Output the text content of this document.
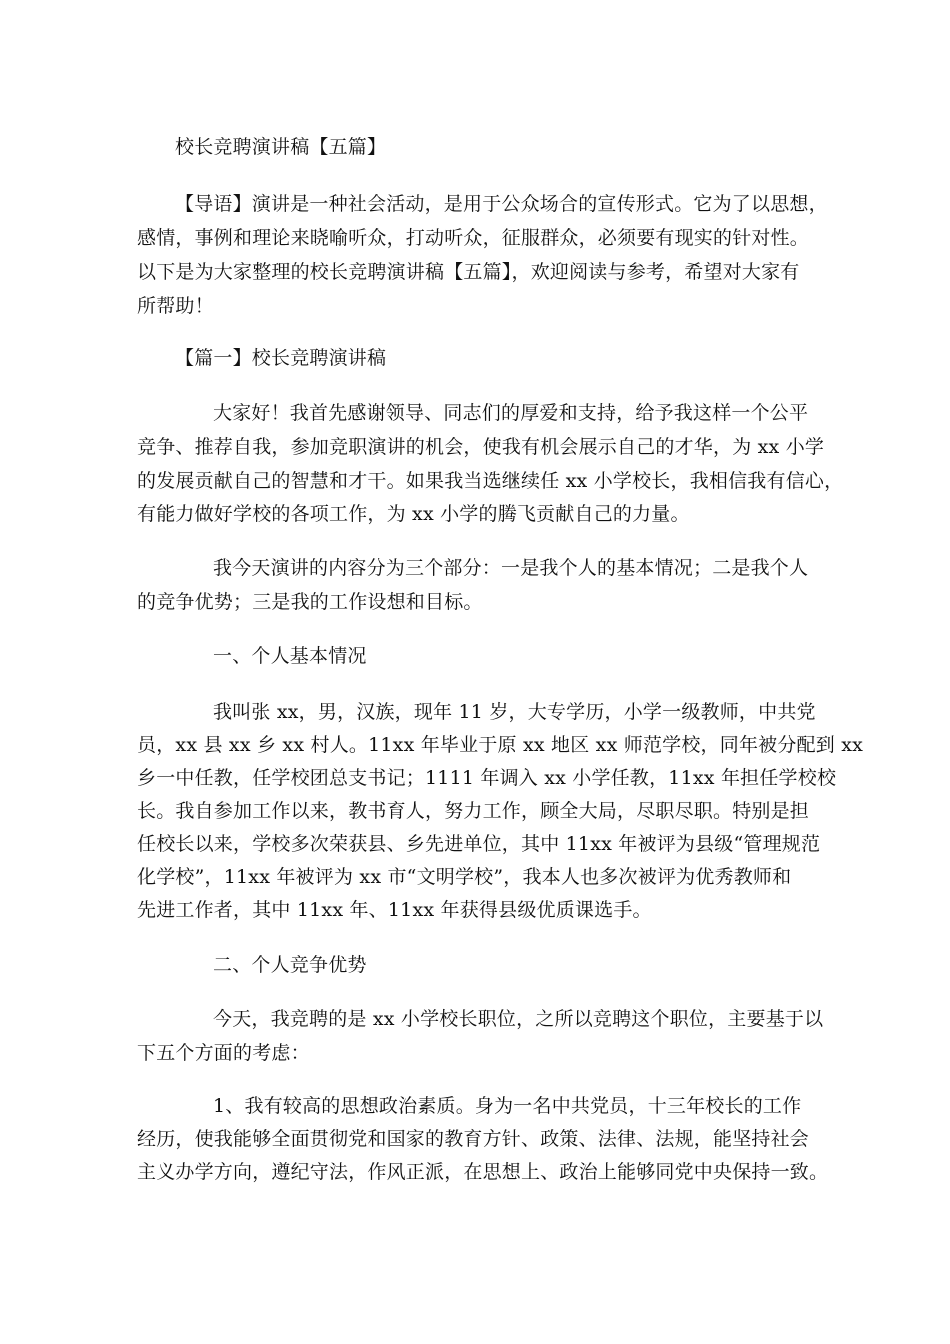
校长竞聘演讲稿【五篇】
【导语】演讲是一种社会活动，是用于公众场合的宣传形式。它为了以思想，
感情，事例和理论来晓喻听众，打动听众，征服群众，必须要有现实的针对性。
以下是为大家整理的校长竞聘演讲稿【五篇】，欢迎阅读与参考，希望对大家有
所帮助！
【篇一】校长竞聘演讲稿
大家好！我首先感谢领导、同志们的厚爱和支持，给予我这样一个公平
竞争、推荐自我，参加竞职演讲的机会，使我有机会展示自己的才华，为 xx 小学
的发展贡献自己的智慧和才干。如果我当选继续任 xx 小学校长，我相信我有信心，
有能力做好学校的各项工作，为 xx 小学的腾飞贡献自己的力量。
我今天演讲的内容分为三个部分：一是我个人的基本情况；二是我个人
的竞争优势；三是我的工作设想和目标。
一、个人基本情况
我叫张 xx，男，汉族，现年 11 岁，大专学历，小学一级教师，中共党
员，xx 县 xx 乡 xx 村人。11xx 年毕业于原 xx 地区 xx 师范学校，同年被分配到 xx
乡一中任教，任学校团总支书记；1111 年调入 xx 小学任教，11xx 年担任学校校
长。我自参加工作以来，教书育人，努力工作，顾全大局，尽职尽职。特别是担
任校长以来，学校多次荣获县、乡先进单位，其中 11xx 年被评为县级“管理规范
化学校”，11xx 年被评为 xx 市“文明学校”，我本人也多次被评为优秀教师和
先进工作者，其中 11xx 年、11xx 年获得县级优质课选手。
二、个人竞争优势
今天，我竞聘的是 xx 小学校长职位，之所以竞聘这个职位，主要基于以
下五个方面的考虑：
1、我有较高的思想政治素质。身为一名中共党员，十三年校长的工作
经历，使我能够全面贯彻党和国家的教育方针、政策、法律、法规，能坚持社会
主义办学方向，遵纪守法，作风正派，在思想上、政治上能够同党中央保持一致。
